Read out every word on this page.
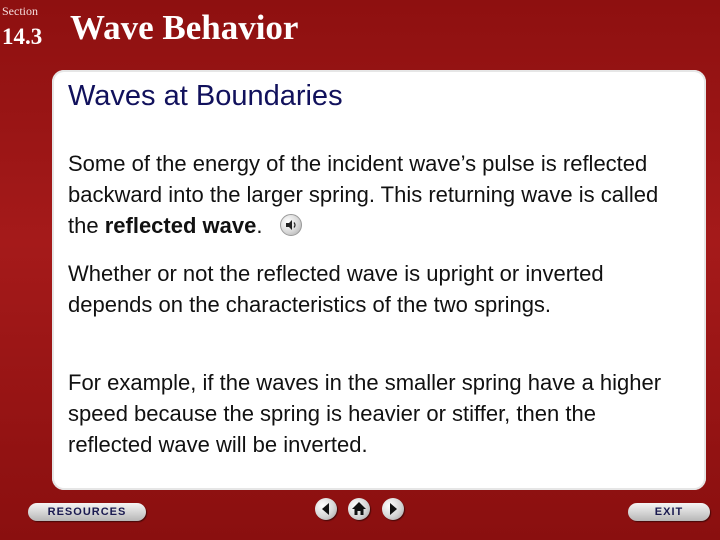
Section
14.3 Wave Behavior
Waves at Boundaries

Some of the energy of the incident wave’s pulse is reflected backward into the larger spring. This returning wave is called the reflected wave.

Whether or not the reflected wave is upright or inverted depends on the characteristics of the two springs.

For example, if the waves in the smaller spring have a higher speed because the spring is heavier or stiffer, then the reflected wave will be inverted.

RESOURCES	EXIT
